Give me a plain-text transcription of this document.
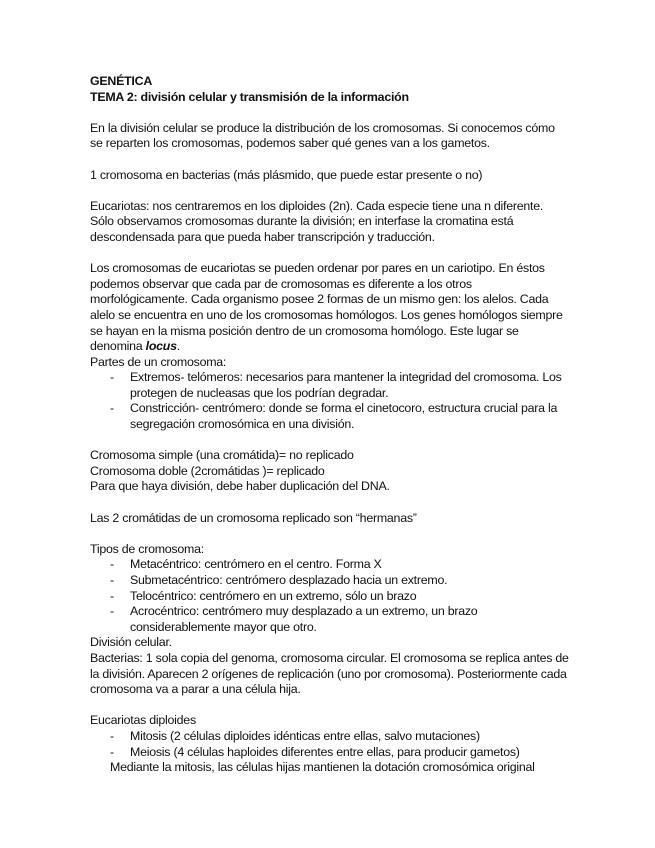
GENÉTICA

TEMA 2: división celular y transmisión de la información

En la división celular se produce la distribución de los cromosomas. Si conocemos cómo se reparten los cromosomas, podemos saber qué genes van a los gametos.

1 cromosoma en bacterias (más plásmido, que puede estar presente o no)

Eucariotas: nos centraremos en los diploides (2n). Cada especie tiene una n diferente. Sólo observamos cromosomas durante la división; en interfase la cromatina está descondensada para que pueda haber transcripción y traducción.

Los cromosomas de eucariotas se pueden ordenar por pares en un cariotipo. En éstos podemos observar que cada par de cromosomas es diferente a los otros morfológicamente. Cada organismo posee 2 formas de un mismo gen: los alelos. Cada alelo se encuentra en uno de los cromosomas homólogos. Los genes homólogos siempre se hayan en la misma posición dentro de un cromosoma homólogo. Este lugar se denomina locus.

Partes de un cromosoma:

- Extremos- telómeros: necesarios para mantener la integridad del cromosoma. Los protegen de nucleasas que los podrían degradar.
- Constricción- centrómero: donde se forma el cinetocoro, estructura crucial para la segregación cromosómica en una división.

Cromosoma simple (una cromátida)= no replicado

Cromosoma doble (2cromátidas )= replicado

Para que haya división, debe haber duplicación del DNA.

Las 2 cromátidas de un cromosoma replicado son “hermanas”

Tipos de cromosoma:

- Metacéntrico: centrómero en el centro. Forma X
- Submetacéntrico: centrómero desplazado hacia un extremo.
- Telocéntrico: centrómero en un extremo, sólo un brazo
- Acrocéntrico: centrómero muy desplazado a un extremo, un brazo considerablemente mayor que otro.

División celular.

Bacterias: 1 sola copia del genoma, cromosoma circular. El cromosoma se replica antes de la división. Aparecen 2 orígenes de replicación (uno por cromosoma). Posteriormente cada cromosoma va a parar a una célula hija.

Eucariotas diploides

- Mitosis (2 células diploides idénticas entre ellas, salvo mutaciones)
- Meiosis (4 células haploides diferentes entre ellas, para producir gametos)

Mediante la mitosis, las células hijas mantienen la dotación cromosómica original
